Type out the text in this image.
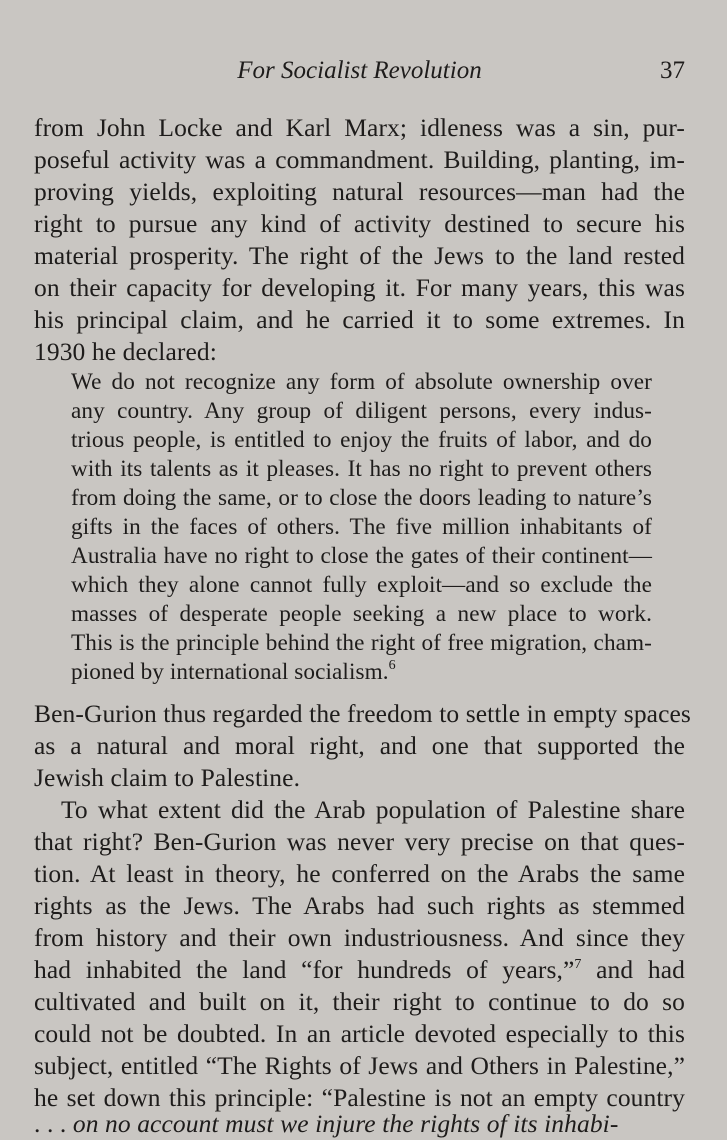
For Socialist Revolution	37
from John Locke and Karl Marx; idleness was a sin, pur-
poseful activity was a commandment. Building, planting, im-
proving yields, exploiting natural resources—man had the
right to pursue any kind of activity destined to secure his
material prosperity. The right of the Jews to the land rested
on their capacity for developing it. For many years, this was
his principal claim, and he carried it to some extremes. In
1930 he declared:
We do not recognize any form of absolute ownership over
any country. Any group of diligent persons, every indus-
trious people, is entitled to enjoy the fruits of labor, and do
with its talents as it pleases. It has no right to prevent others
from doing the same, or to close the doors leading to nature’s
gifts in the faces of others. The five million inhabitants of
Australia have no right to close the gates of their continent—
which they alone cannot fully exploit—and so exclude the
masses of desperate people seeking a new place to work.
This is the principle behind the right of free migration, cham-
pioned by international socialism.$^6$
Ben-Gurion thus regarded the freedom to settle in empty spaces
as a natural and moral right, and one that supported the
Jewish claim to Palestine.
To what extent did the Arab population of Palestine share
that right? Ben-Gurion was never very precise on that ques-
tion. At least in theory, he conferred on the Arabs the same
rights as the Jews. The Arabs had such rights as stemmed
from history and their own industriousness. And since they
had inhabited the land “for hundreds of years,”$^7$ and had
cultivated and built on it, their right to continue to do so
could not be doubted. In an article devoted especially to this
subject, entitled “The Rights of Jews and Others in Palestine,”
he set down this principle: “Palestine is not an empty country
. . . on no account must we injure the rights of its inhabi-
